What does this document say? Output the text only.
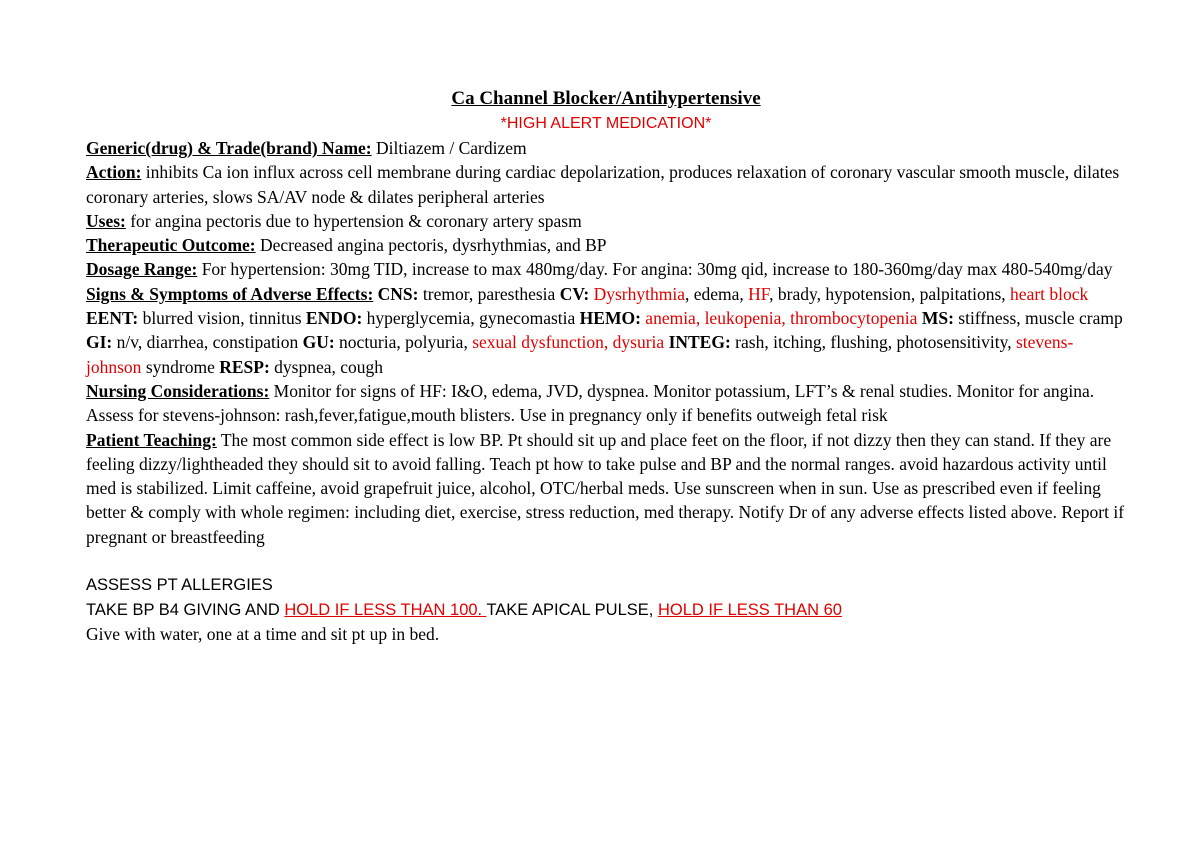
Ca Channel Blocker/Antihypertensive

*HIGH ALERT MEDICATION*

Generic(drug) & Trade(brand) Name: Diltiazem / Cardizem

Action: inhibits Ca ion influx across cell membrane during cardiac depolarization, produces relaxation of coronary vascular smooth muscle, dilates coronary arteries, slows SA/AV node & dilates peripheral arteries

Uses: for angina pectoris due to hypertension & coronary artery spasm

Therapeutic Outcome: Decreased angina pectoris, dysrhythmias, and BP

Dosage Range: For hypertension: 30mg TID, increase to max 480mg/day. For angina: 30mg qid, increase to 180-360mg/day max 480-540mg/day

Signs & Symptoms of Adverse Effects: CNS: tremor, paresthesia CV: Dysrhythmia, edema, HF, brady, hypotension, palpitations, heart block EENT: blurred vision, tinnitus ENDO: hyperglycemia, gynecomastia HEMO: anemia, leukopenia, thrombocytopenia MS: stiffness, muscle cramp GI: n/v, diarrhea, constipation GU: nocturia, polyuria, sexual dysfunction, dysuria INTEG: rash, itching, flushing, photosensitivity, stevens-johnson syndrome RESP: dyspnea, cough

Nursing Considerations: Monitor for signs of HF: I&O, edema, JVD, dyspnea. Monitor potassium, LFT’s & renal studies. Monitor for angina. Assess for stevens-johnson: rash,fever,fatigue,mouth blisters. Use in pregnancy only if benefits outweigh fetal risk

Patient Teaching: The most common side effect is low BP. Pt should sit up and place feet on the floor, if not dizzy then they can stand. If they are feeling dizzy/lightheaded they should sit to avoid falling. Teach pt how to take pulse and BP and the normal ranges. avoid hazardous activity until med is stabilized. Limit caffeine, avoid grapefruit juice, alcohol, OTC/herbal meds. Use sunscreen when in sun. Use as prescribed even if feeling better & comply with whole regimen: including diet, exercise, stress reduction, med therapy. Notify Dr of any adverse effects listed above. Report if pregnant or breastfeeding

ASSESS PT ALLERGIES

TAKE BP B4 GIVING AND HOLD IF LESS THAN 100. TAKE APICAL PULSE, HOLD IF LESS THAN 60

Give with water, one at a time and sit pt up in bed.
